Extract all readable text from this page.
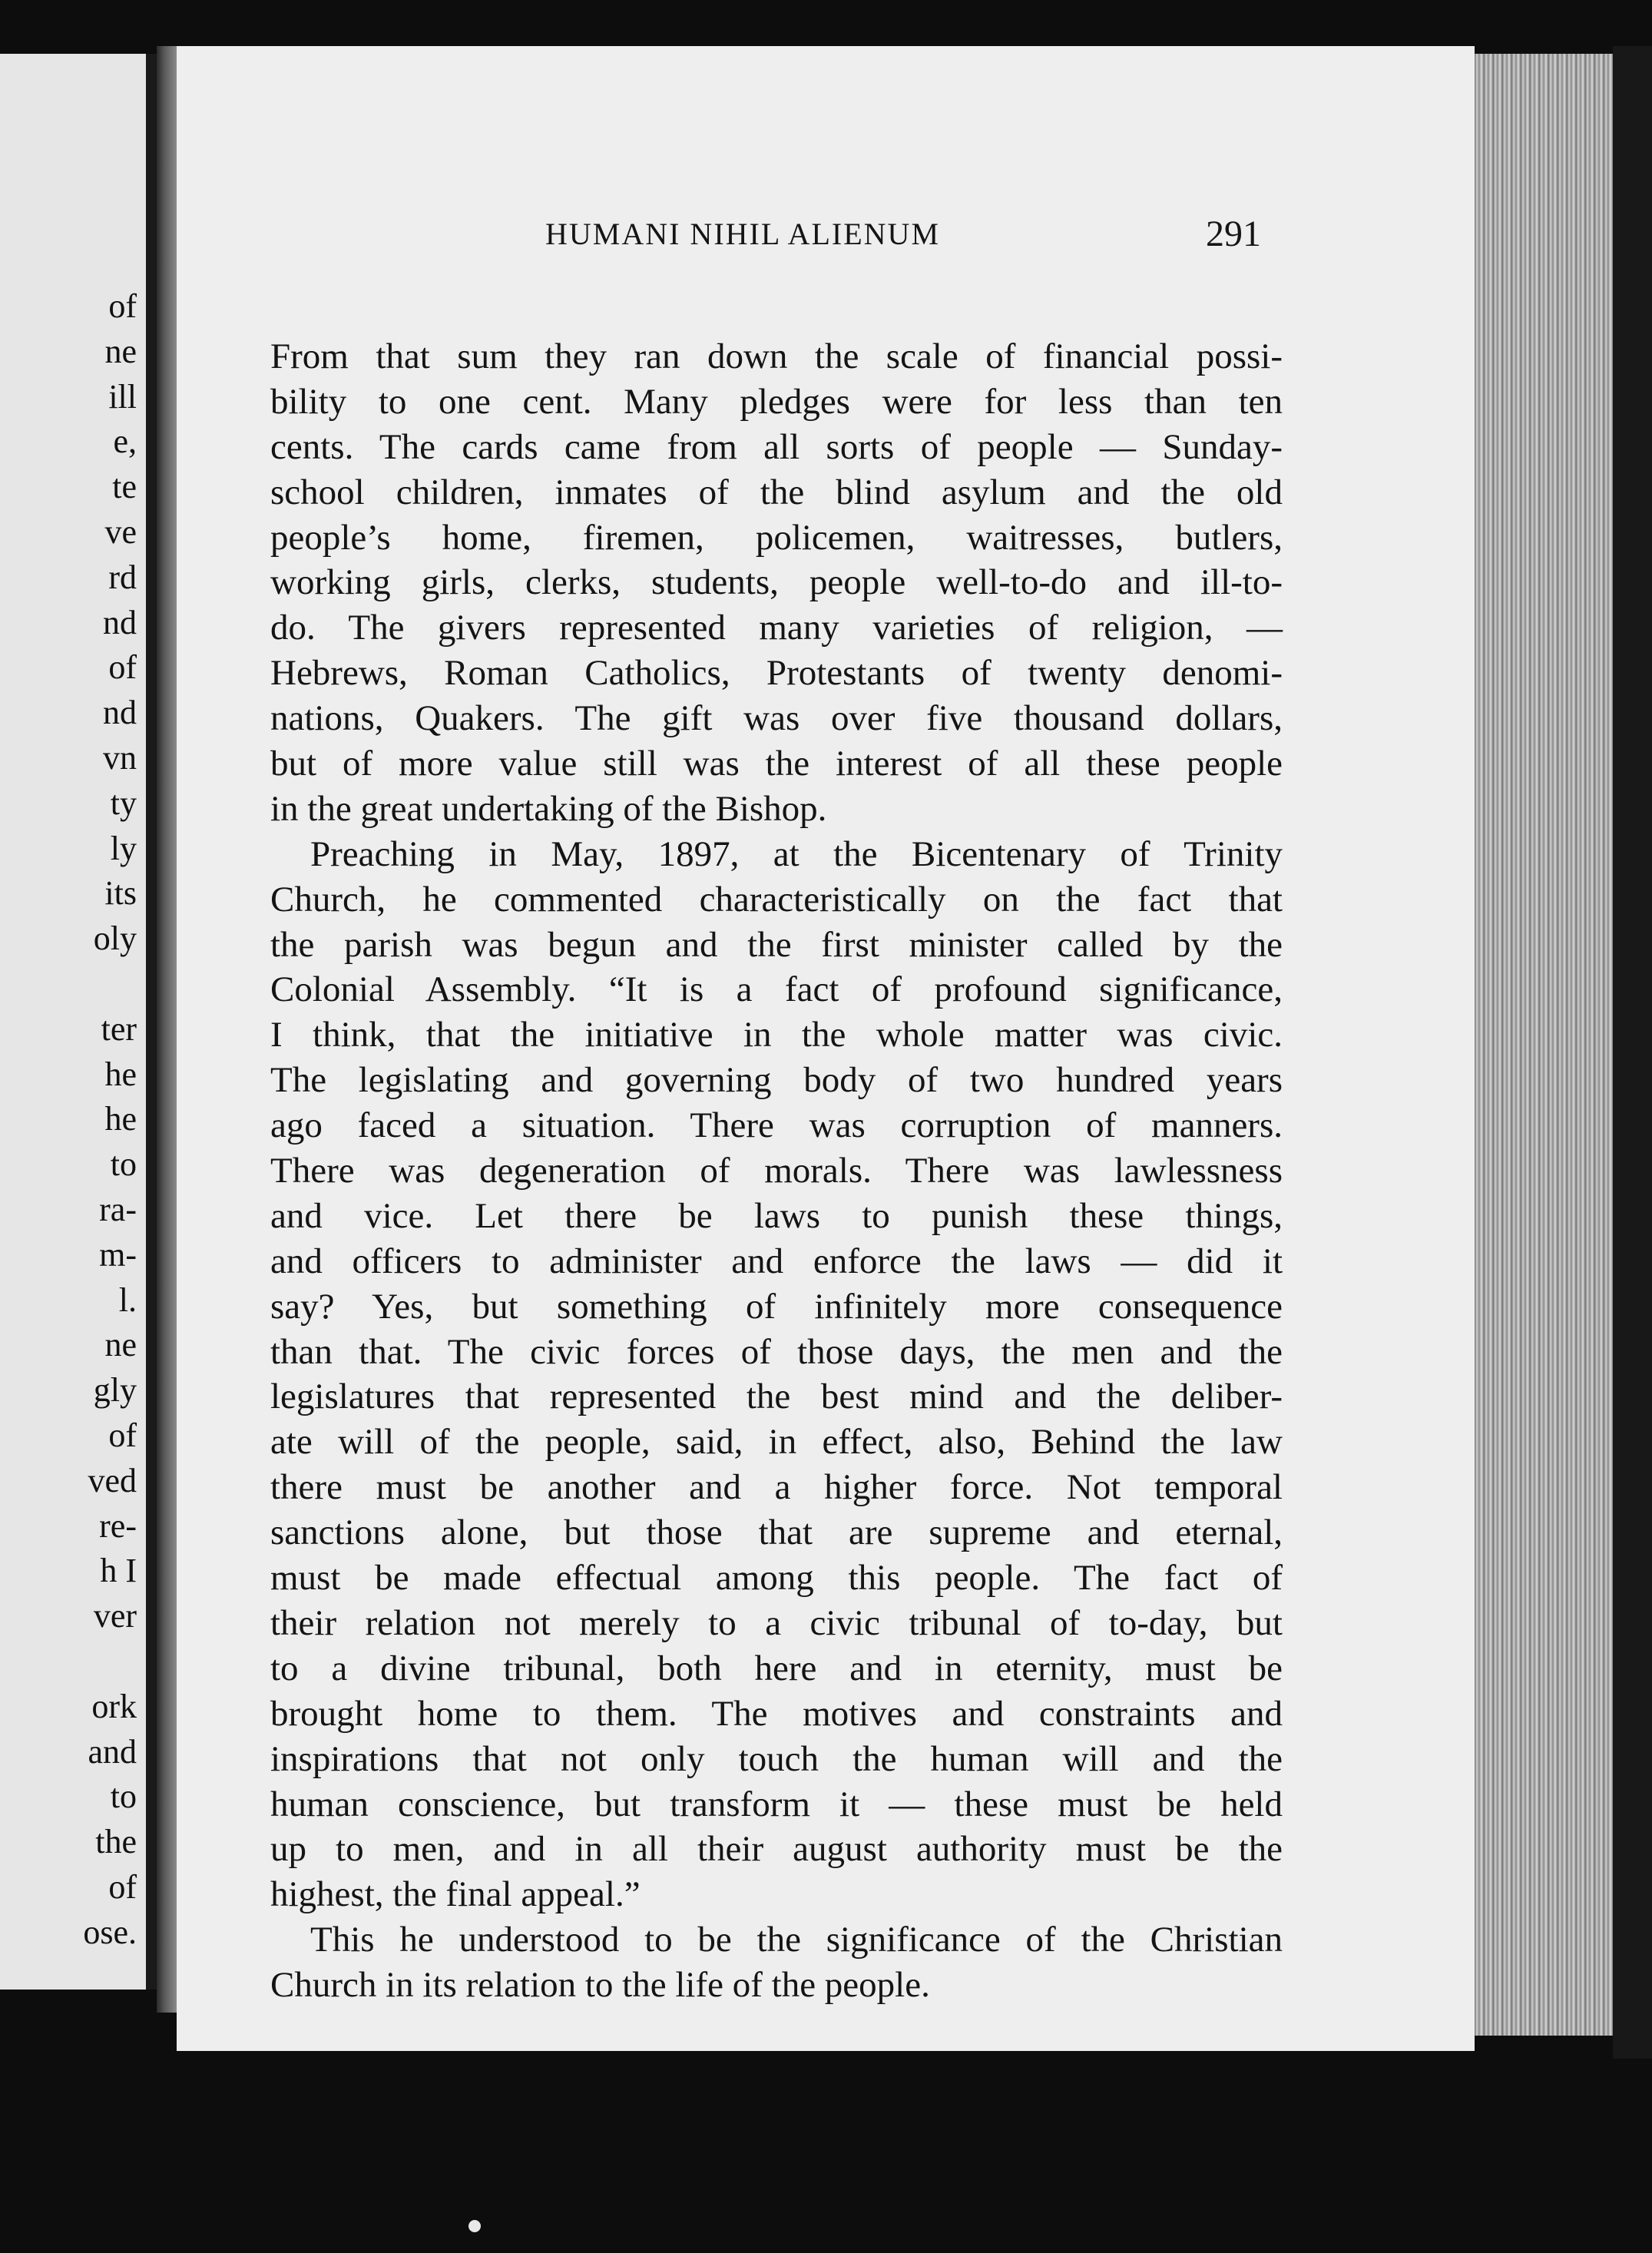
of
ne
ill
e,
te
ve
rd
nd
of
nd
vn
ty
ly
its
oly
ter
he
he
to
ra-
m-
l.
ne
gly
of
ved
re-
h I
ver
ork
and
to
the
of
ose.
HUMANI NIHIL ALIENUM	291
From that sum they ran down the scale of financial possi-
bility to one cent. Many pledges were for less than ten
cents. The cards came from all sorts of people — Sunday-
school children, inmates of the blind asylum and the old
people’s home, firemen, policemen, waitresses, butlers,
working girls, clerks, students, people well-to-do and ill-to-
do. The givers represented many varieties of religion, —
Hebrews, Roman Catholics, Protestants of twenty denomi-
nations, Quakers. The gift was over five thousand dollars,
but of more value still was the interest of all these people
in the great undertaking of the Bishop.
Preaching in May, 1897, at the Bicentenary of Trinity
Church, he commented characteristically on the fact that
the parish was begun and the first minister called by the
Colonial Assembly. “It is a fact of profound significance,
I think, that the initiative in the whole matter was civic.
The legislating and governing body of two hundred years
ago faced a situation. There was corruption of manners.
There was degeneration of morals. There was lawlessness
and vice. Let there be laws to punish these things,
and officers to administer and enforce the laws — did it
say? Yes, but something of infinitely more consequence
than that. The civic forces of those days, the men and the
legislatures that represented the best mind and the deliber-
ate will of the people, said, in effect, also, Behind the law
there must be another and a higher force. Not temporal
sanctions alone, but those that are supreme and eternal,
must be made effectual among this people. The fact of
their relation not merely to a civic tribunal of to-day, but
to a divine tribunal, both here and in eternity, must be
brought home to them. The motives and constraints and
inspirations that not only touch the human will and the
human conscience, but transform it — these must be held
up to men, and in all their august authority must be the
highest, the final appeal.”
This he understood to be the significance of the Christian
Church in its relation to the life of the people.
